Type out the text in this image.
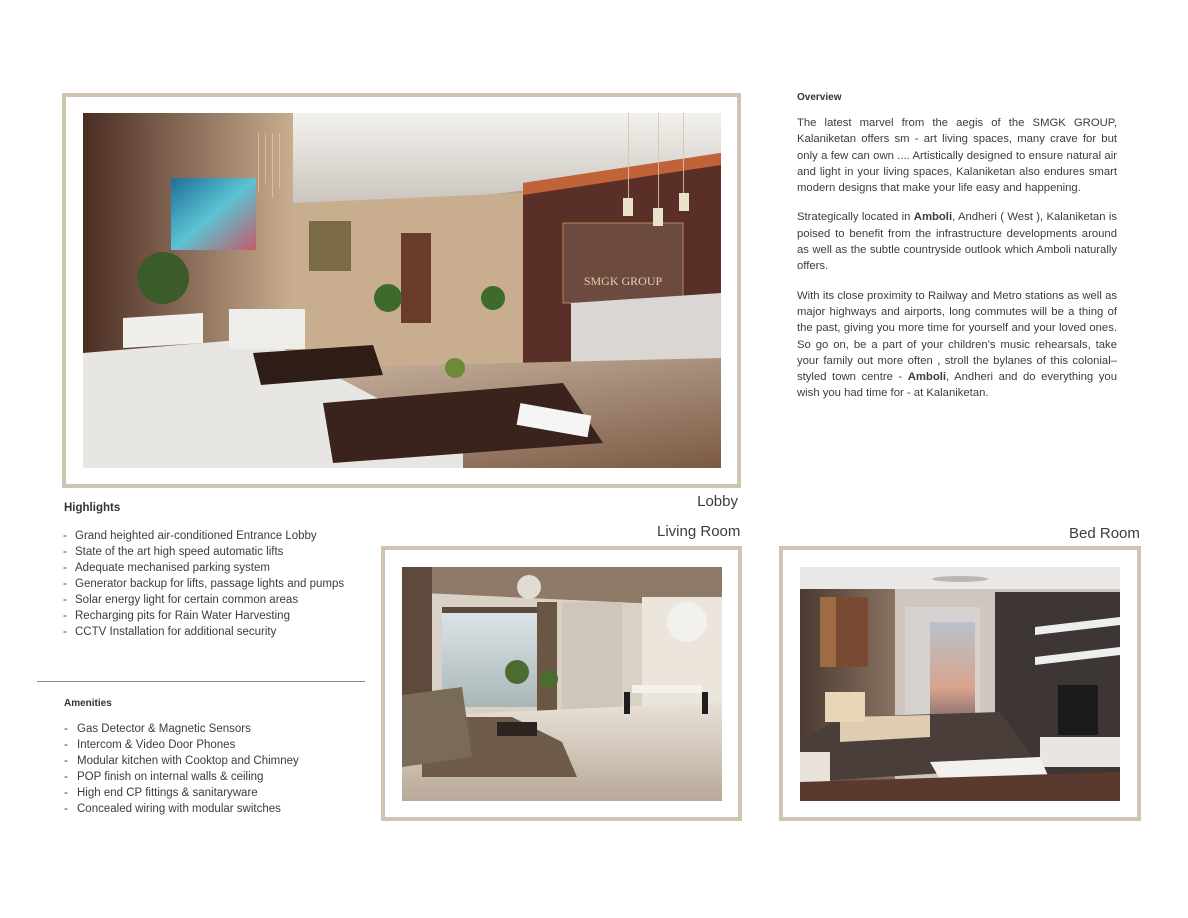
SMGK GROUP
Lobby
Overview

The latest marvel from the aegis of the SMGK GROUP, Kalaniketan offers sm - art living spaces, many crave for but only a few can own .... Artistically designed to ensure natural air and light in your living spaces, Kalaniketan also endures smart modern designs that make your life easy and happening.

Strategically located in Amboli, Andheri ( West ), Kalaniketan is poised to benefit from the infrastructure developments around as well as the subtle countryside outlook which Amboli naturally offers.

With its close proximity to Railway and Metro stations as well as major highways and airports, long commutes will be a thing of the past, giving you more time for yourself and your loved ones. So go on, be a part of your children's music rehearsals, take your family out more often , stroll the bylanes of this colonial–styled town centre - Amboli, Andheri and do everything you wish you had time for - at Kalaniketan.

Highlights
- Grand heighted air-conditioned Entrance Lobby
- State of the art high speed automatic lifts
- Adequate mechanised parking system
- Generator backup for lifts, passage lights and pumps
- Solar energy light for certain common areas
- Recharging pits for Rain Water Harvesting
- CCTV Installation for additional security
Amenities
- Gas Detector & Magnetic Sensors
- Intercom & Video Door Phones
- Modular kitchen with Cooktop and Chimney
- POP finish on internal walls & ceiling
- High end CP fittings & sanitaryware
- Concealed wiring with modular switches
Living Room	Bed Room
